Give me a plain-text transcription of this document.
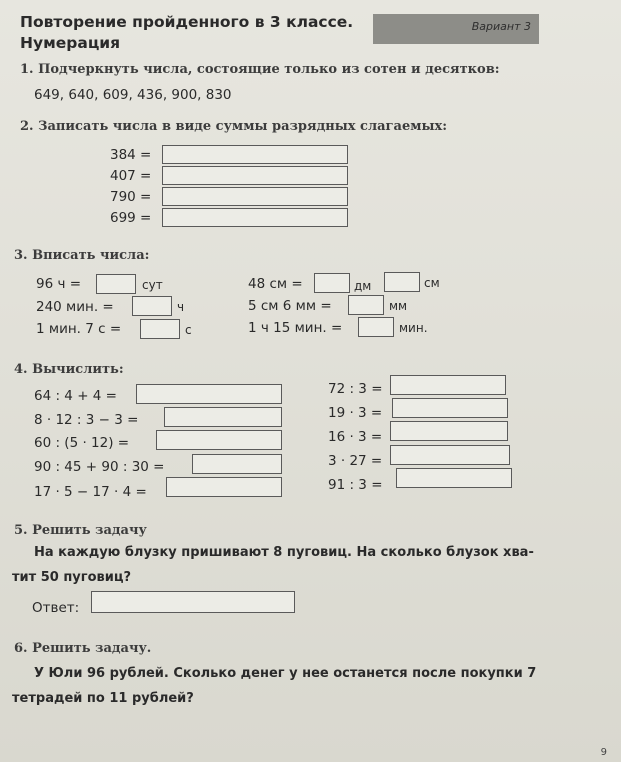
Повторение пройденного в 3 классе.
Нумерация
Вариант 3
1. Подчеркнуть числа, состоящие только из сотен и десятков:
649, 640, 609, 436, 900, 830
2. Записать числа в виде суммы разрядных слагаемых:
384 =
407 =
790 =
699 =
3. Вписать числа:
96 ч =	сут
240 мин. =	ч
1 мин. 7 с =	с
48 см =	дм	см
5 см 6 мм =	мм
1 ч 15 мин. =	мин.
4. Вычислить:
64 : 4 + 4 =
8 · 12 : 3 − 3 =
60 : (5 · 12) =
90 : 45 + 90 : 30 =
17 · 5 − 17 · 4 =
72 : 3 =
19 · 3 =
16 · 3 =
3 · 27 =
91 : 3 =
5. Решить задачу
На каждую блузку пришивают 8 пуговиц. На сколько блузок хва-
тит 50 пуговиц?
Ответ:
6. Решить задачу.
У Юли 96 рублей. Сколько денег у нее останется после покупки 7
тетрадей по 11 рублей?
9
